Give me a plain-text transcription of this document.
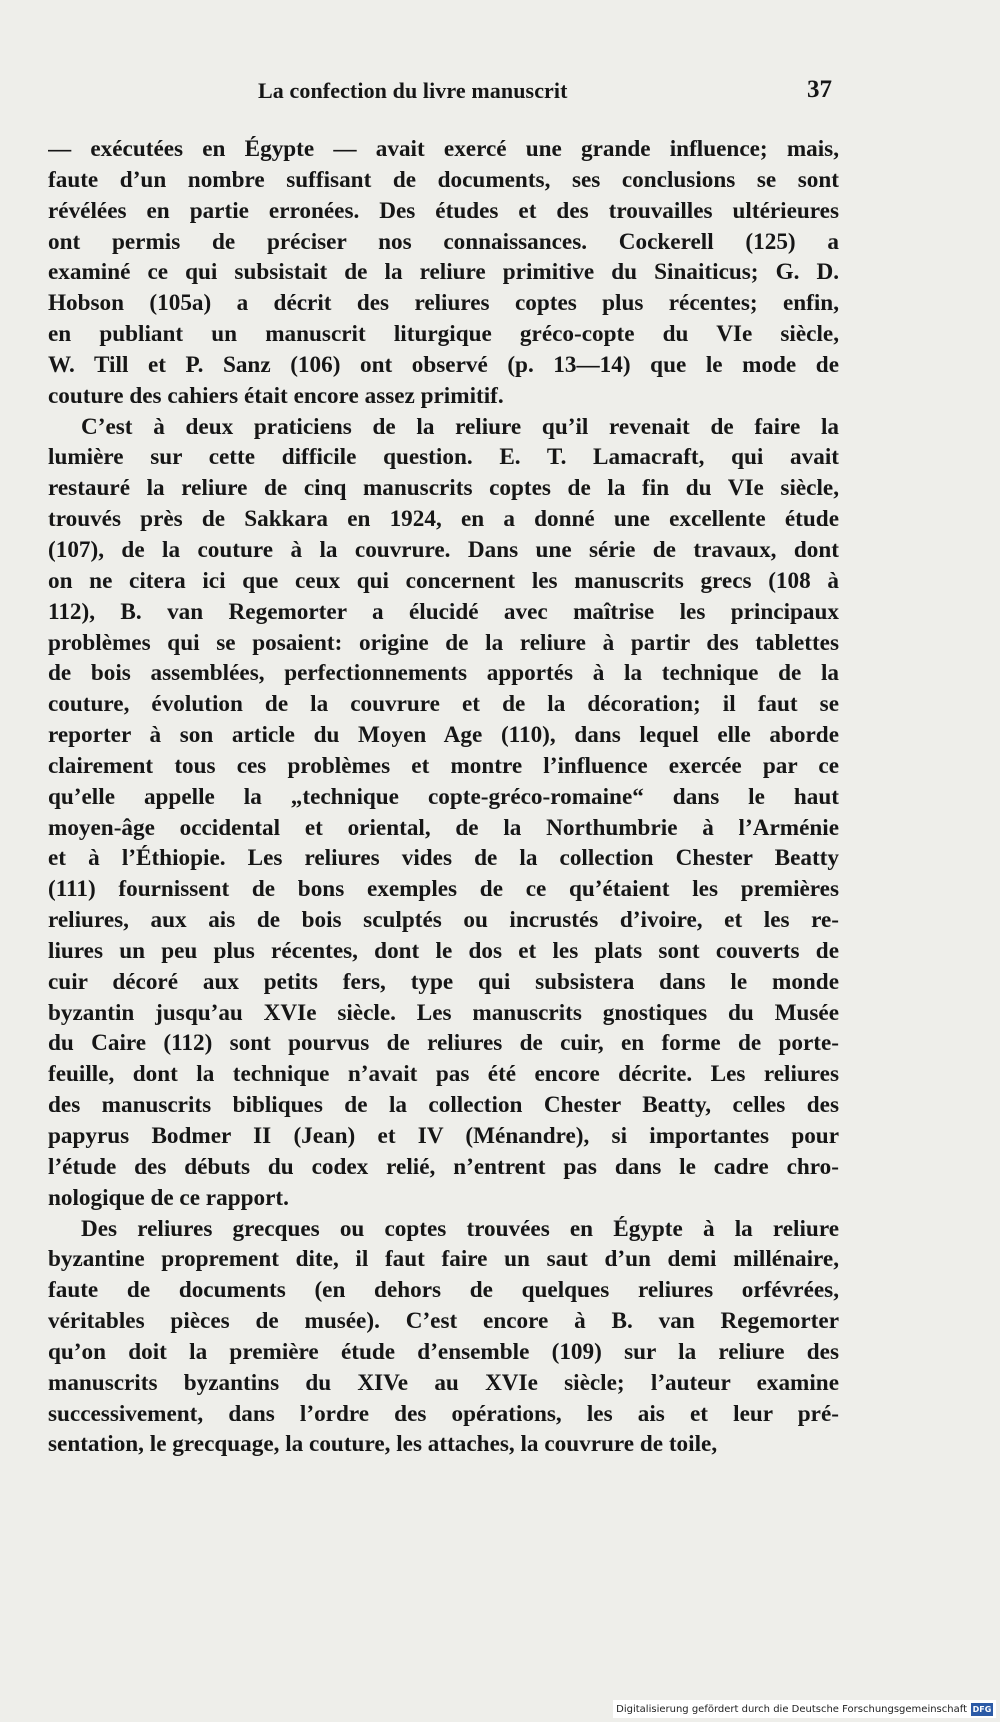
La confection du livre manuscrit	37
— exécutées en Égypte — avait exercé une grande influence; mais,
faute d’un nombre suffisant de documents, ses conclusions se sont
révélées en partie erronées. Des études et des trouvailles ultérieures
ont permis de préciser nos connaissances. Cockerell (125) a
examiné ce qui subsistait de la reliure primitive du Sinaiticus; G. D.
Hobson (105a) a décrit des reliures coptes plus récentes; enfin,
en publiant un manuscrit liturgique gréco-copte du VIe siècle,
W. Till et P. Sanz (106) ont observé (p. 13—14) que le mode de
couture des cahiers était encore assez primitif.
C’est à deux praticiens de la reliure qu’il revenait de faire la
lumière sur cette difficile question. E. T. Lamacraft, qui avait
restauré la reliure de cinq manuscrits coptes de la fin du VIe siècle,
trouvés près de Sakkara en 1924, en a donné une excellente étude
(107), de la couture à la couvrure. Dans une série de travaux, dont
on ne citera ici que ceux qui concernent les manuscrits grecs (108 à
112), B. van Regemorter a élucidé avec maîtrise les principaux
problèmes qui se posaient: origine de la reliure à partir des tablettes
de bois assemblées, perfectionnements apportés à la technique de la
couture, évolution de la couvrure et de la décoration; il faut se
reporter à son article du Moyen Age (110), dans lequel elle aborde
clairement tous ces problèmes et montre l’influence exercée par ce
qu’elle appelle la „technique copte-gréco-romaine“ dans le haut
moyen-âge occidental et oriental, de la Northumbrie à l’Arménie
et à l’Éthiopie. Les reliures vides de la collection Chester Beatty
(111) fournissent de bons exemples de ce qu’étaient les premières
reliures, aux ais de bois sculptés ou incrustés d’ivoire, et les re-
liures un peu plus récentes, dont le dos et les plats sont couverts de
cuir décoré aux petits fers, type qui subsistera dans le monde
byzantin jusqu’au XVIe siècle. Les manuscrits gnostiques du Musée
du Caire (112) sont pourvus de reliures de cuir, en forme de porte-
feuille, dont la technique n’avait pas été encore décrite. Les reliures
des manuscrits bibliques de la collection Chester Beatty, celles des
papyrus Bodmer II (Jean) et IV (Ménandre), si importantes pour
l’étude des débuts du codex relié, n’entrent pas dans le cadre chro-
nologique de ce rapport.
Des reliures grecques ou coptes trouvées en Égypte à la reliure
byzantine proprement dite, il faut faire un saut d’un demi millénaire,
faute de documents (en dehors de quelques reliures orfévrées,
véritables pièces de musée). C’est encore à B. van Regemorter
qu’on doit la première étude d’ensemble (109) sur la reliure des
manuscrits byzantins du XIVe au XVIe siècle; l’auteur examine
successivement, dans l’ordre des opérations, les ais et leur pré-
sentation, le grecquage, la couture, les attaches, la couvrure de toile,
Digitalisierung gefördert durch die Deutsche Forschungsgemeinschaft DFG
